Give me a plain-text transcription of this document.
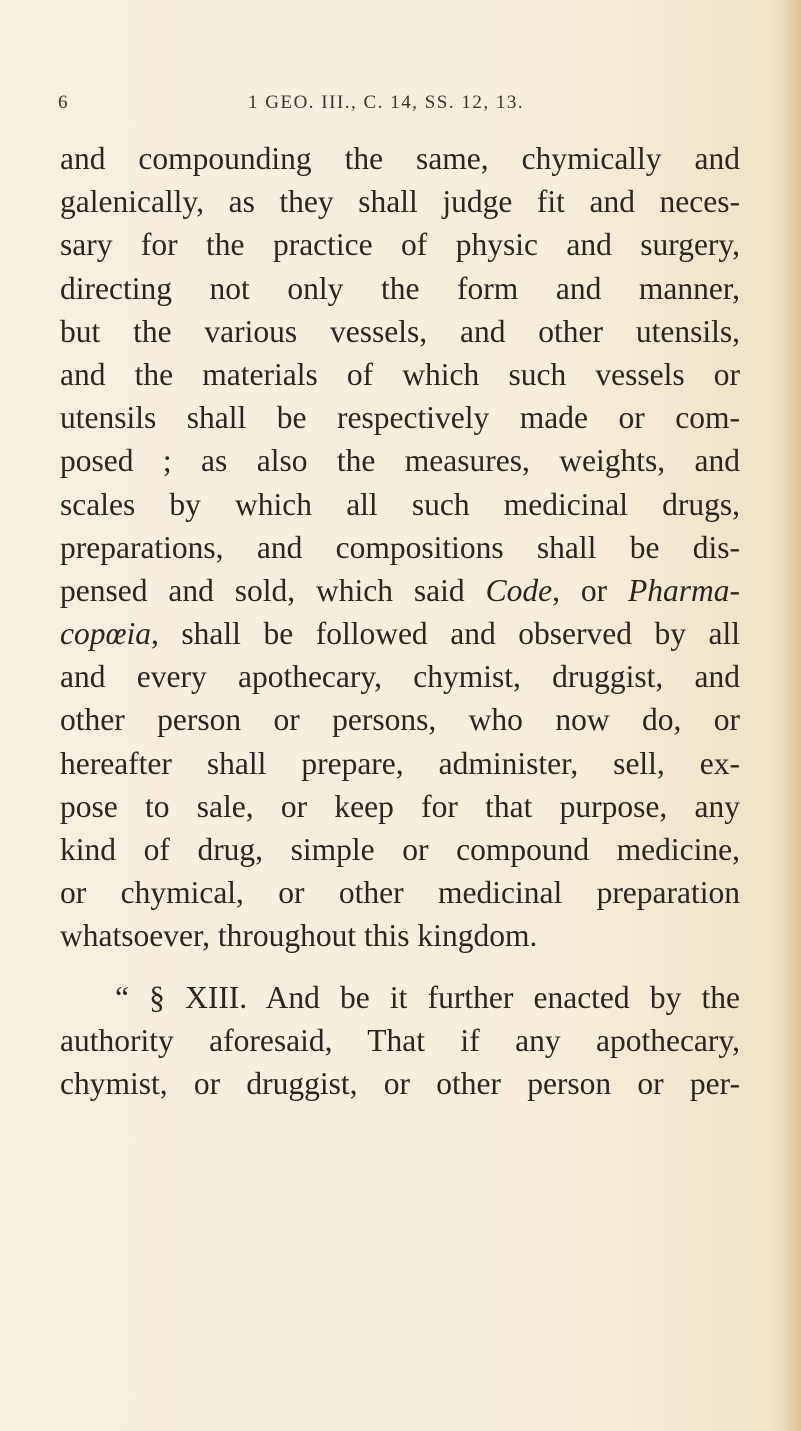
6	1 GEO. III., C. 14, SS. 12, 13.
and compounding the same, chymically and
galenically, as they shall judge fit and neces-
sary for the practice of physic and surgery,
directing not only the form and manner,
but the various vessels, and other utensils,
and the materials of which such vessels or
utensils shall be respectively made or com-
posed ; as also the measures, weights, and
scales by which all such medicinal drugs,
preparations, and compositions shall be dis-
pensed and sold, which said Code, or Pharma-
copœia, shall be followed and observed by all
and every apothecary, chymist, druggist, and
other person or persons, who now do, or
hereafter shall prepare, administer, sell, ex-
pose to sale, or keep for that purpose, any
kind of drug, simple or compound medicine,
or chymical, or other medicinal preparation
whatsoever, throughout this kingdom.
“ § XIII. And be it further enacted by the
authority aforesaid, That if any apothecary,
chymist, or druggist, or other person or per-
